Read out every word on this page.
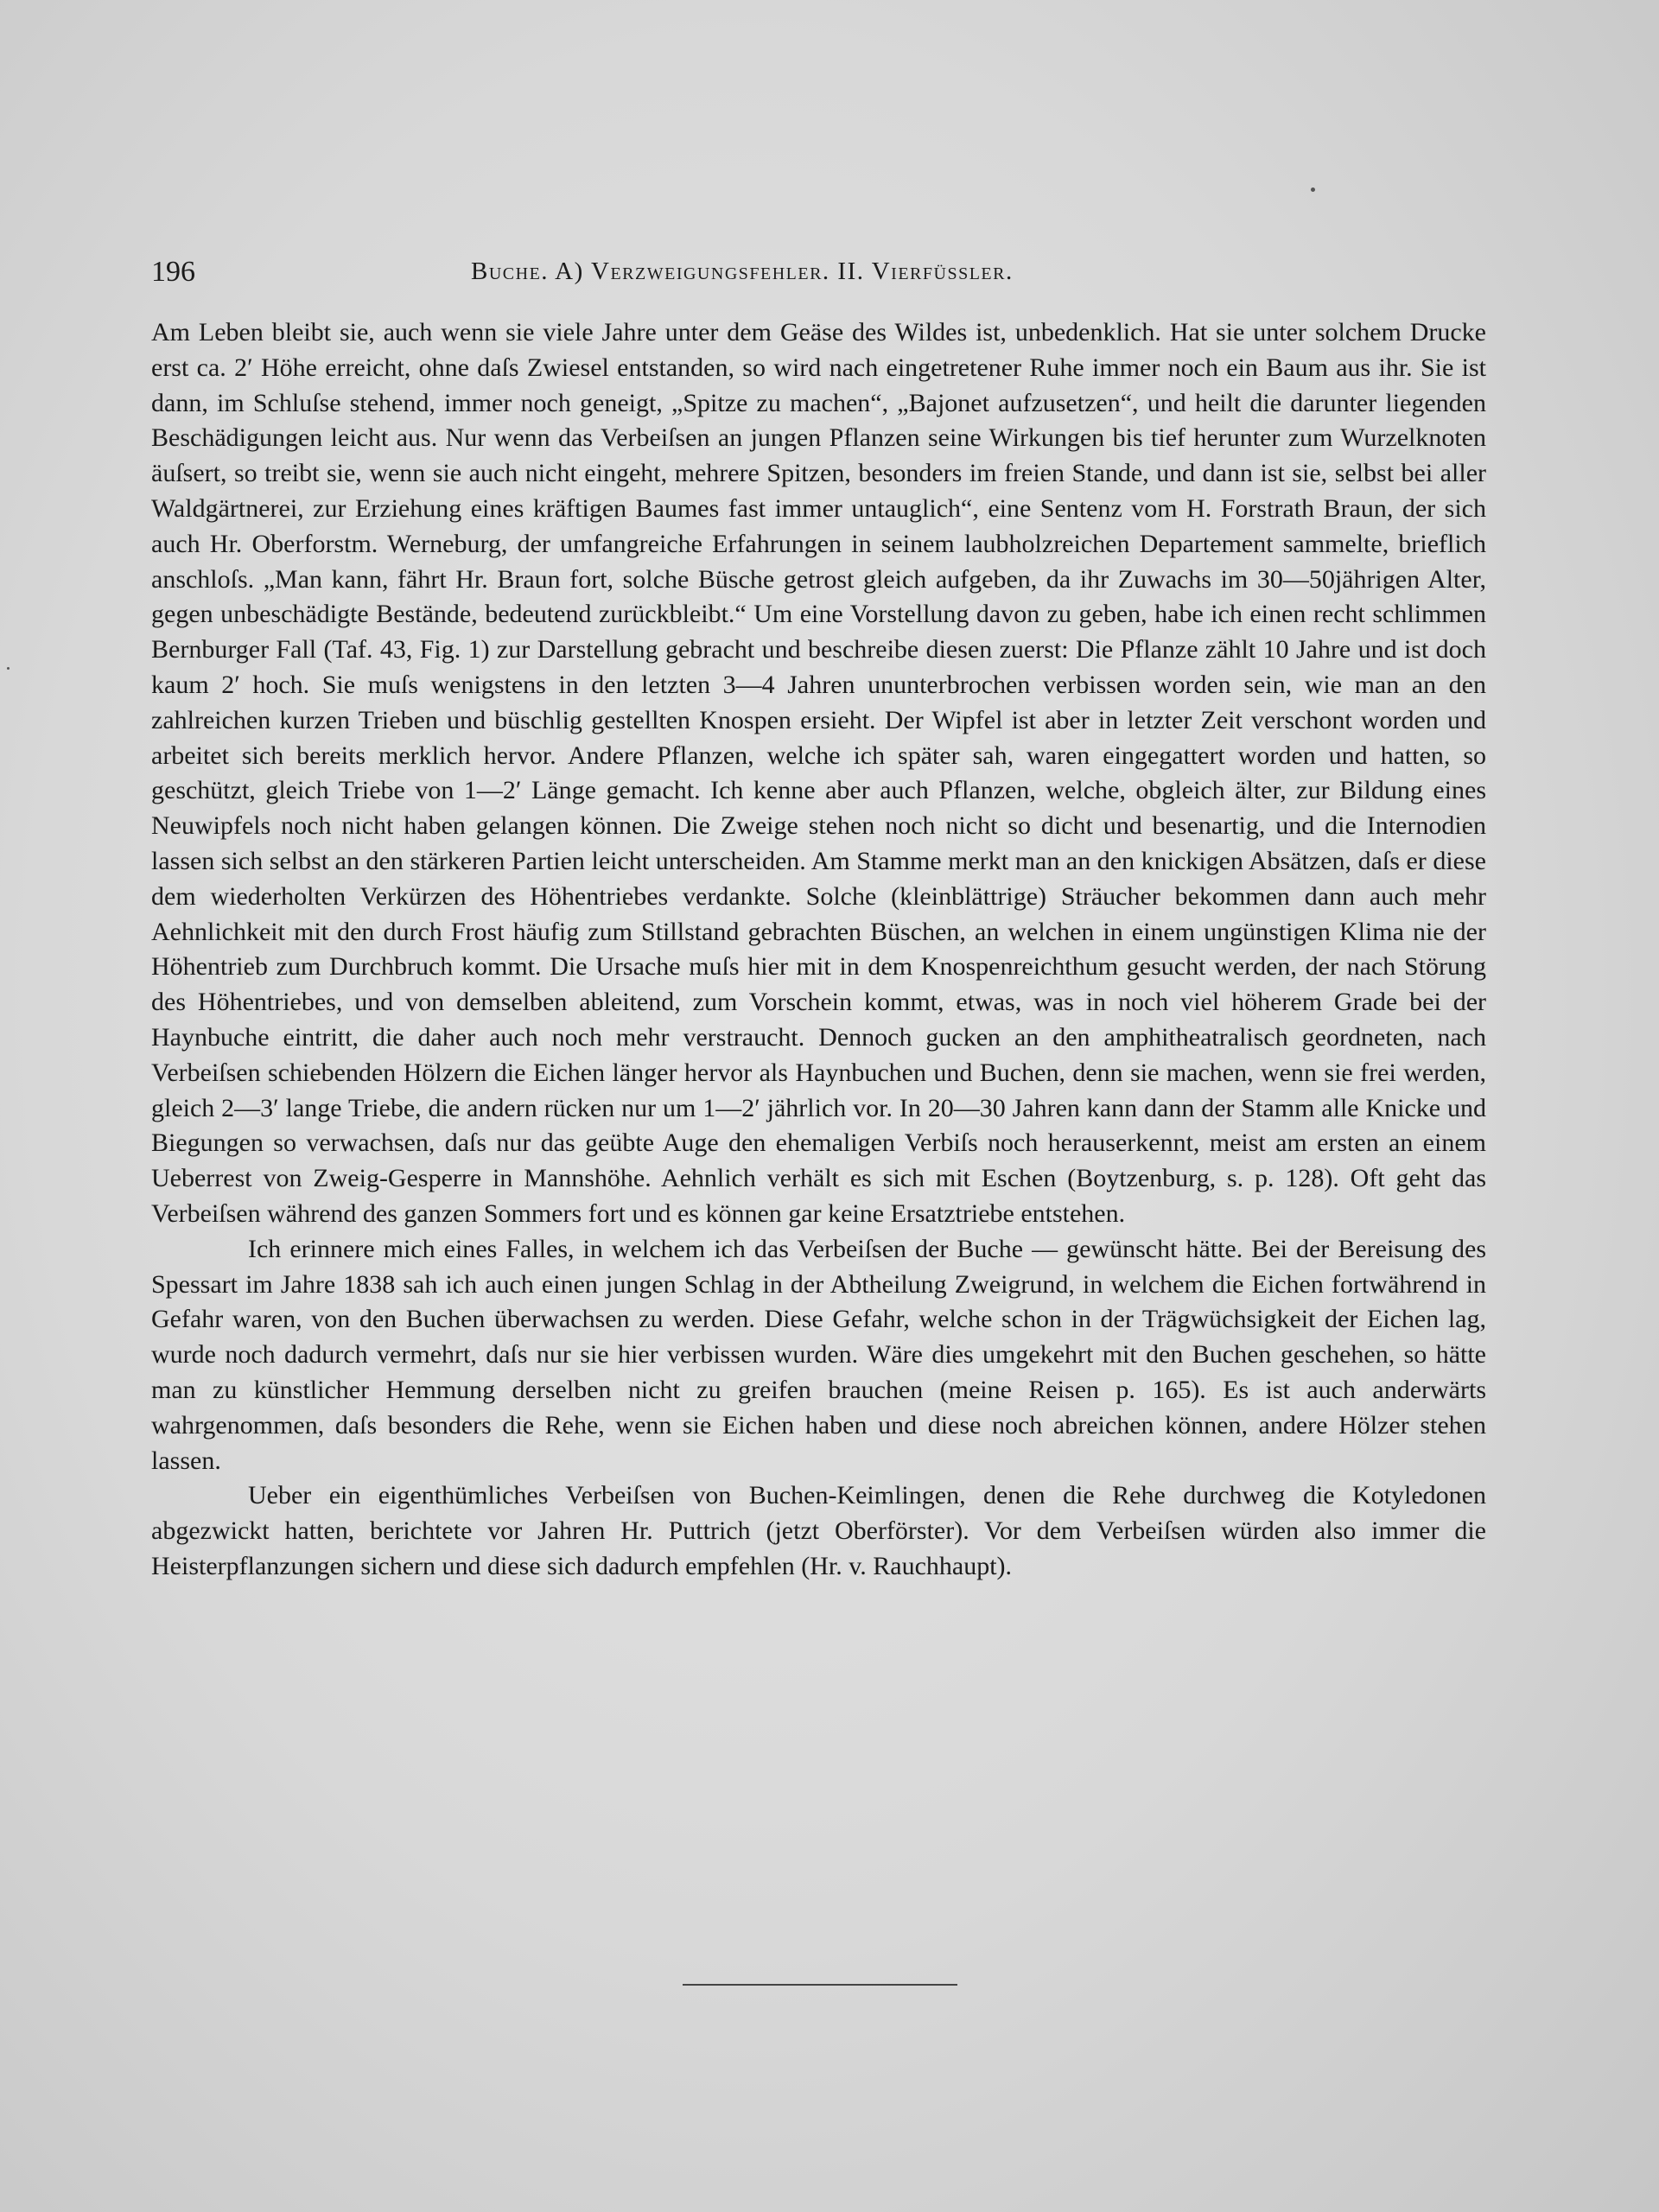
196	Buche. A) Verzweigungsfehler. II. Vierfüssler.

Am Leben bleibt sie, auch wenn sie viele Jahre unter dem Geäse des Wildes ist, unbedenklich. Hat sie unter solchem Drucke erst ca. 2′ Höhe erreicht, ohne daſs Zwiesel entstanden, so wird nach eingetretener Ruhe immer noch ein Baum aus ihr. Sie ist dann, im Schluſse stehend, immer noch geneigt, „Spitze zu machen“, „Bajonet aufzusetzen“, und heilt die darunter liegenden Beschädigungen leicht aus. Nur wenn das Verbeiſsen an jungen Pflanzen seine Wirkungen bis tief herunter zum Wurzelknoten äuſsert, so treibt sie, wenn sie auch nicht eingeht, mehrere Spitzen, besonders im freien Stande, und dann ist sie, selbst bei aller Waldgärtnerei, zur Erziehung eines kräftigen Baumes fast immer untauglich“, eine Sentenz vom H. Forstrath Braun, der sich auch Hr. Oberforstm. Werneburg, der umfangreiche Erfahrungen in seinem laubholzreichen Departement sammelte, brieflich anschloſs. „Man kann, fährt Hr. Braun fort, solche Büsche getrost gleich aufgeben, da ihr Zuwachs im 30—50jährigen Alter, gegen unbeschädigte Bestände, bedeutend zurückbleibt.“ Um eine Vorstellung davon zu geben, habe ich einen recht schlimmen Bernburger Fall (Taf. 43, Fig. 1) zur Darstellung gebracht und beschreibe diesen zuerst: Die Pflanze zählt 10 Jahre und ist doch kaum 2′ hoch. Sie muſs wenigstens in den letzten 3—4 Jahren ununterbrochen verbissen worden sein, wie man an den zahlreichen kurzen Trieben und büschlig gestellten Knospen ersieht. Der Wipfel ist aber in letzter Zeit verschont worden und arbeitet sich bereits merklich hervor. Andere Pflanzen, welche ich später sah, waren eingegattert worden und hatten, so geschützt, gleich Triebe von 1—2′ Länge gemacht. Ich kenne aber auch Pflanzen, welche, obgleich älter, zur Bildung eines Neuwipfels noch nicht haben gelangen können. Die Zweige stehen noch nicht so dicht und besenartig, und die Internodien lassen sich selbst an den stärkeren Partien leicht unterscheiden. Am Stamme merkt man an den knickigen Absätzen, daſs er diese dem wiederholten Verkürzen des Höhentriebes verdankte. Solche (kleinblättrige) Sträucher bekommen dann auch mehr Aehnlichkeit mit den durch Frost häufig zum Stillstand gebrachten Büschen, an welchen in einem ungünstigen Klima nie der Höhentrieb zum Durchbruch kommt. Die Ursache muſs hier mit in dem Knospenreichthum gesucht werden, der nach Störung des Höhentriebes, und von demselben ableitend, zum Vorschein kommt, etwas, was in noch viel höherem Grade bei der Haynbuche eintritt, die daher auch noch mehr verstraucht. Dennoch gucken an den amphitheatralisch geordneten, nach Verbeiſsen schiebenden Hölzern die Eichen länger hervor als Haynbuchen und Buchen, denn sie machen, wenn sie frei werden, gleich 2—3′ lange Triebe, die andern rücken nur um 1—2′ jährlich vor. In 20—30 Jahren kann dann der Stamm alle Knicke und Biegungen so verwachsen, daſs nur das geübte Auge den ehemaligen Verbiſs noch herauserkennt, meist am ersten an einem Ueberrest von Zweig-Gesperre in Mannshöhe. Aehnlich verhält es sich mit Eschen (Boytzenburg, s. p. 128). Oft geht das Verbeiſsen während des ganzen Sommers fort und es können gar keine Ersatztriebe entstehen.

Ich erinnere mich eines Falles, in welchem ich das Verbeiſsen der Buche — gewünscht hätte. Bei der Bereisung des Spessart im Jahre 1838 sah ich auch einen jungen Schlag in der Abtheilung Zweigrund, in welchem die Eichen fortwährend in Gefahr waren, von den Buchen überwachsen zu werden. Diese Gefahr, welche schon in der Trägwüchsigkeit der Eichen lag, wurde noch dadurch vermehrt, daſs nur sie hier verbissen wurden. Wäre dies umgekehrt mit den Buchen geschehen, so hätte man zu künstlicher Hemmung derselben nicht zu greifen brauchen (meine Reisen p. 165). Es ist auch anderwärts wahrgenommen, daſs besonders die Rehe, wenn sie Eichen haben und diese noch abreichen können, andere Hölzer stehen lassen.

Ueber ein eigenthümliches Verbeiſsen von Buchen-Keimlingen, denen die Rehe durchweg die Kotyledonen abgezwickt hatten, berichtete vor Jahren Hr. Puttrich (jetzt Oberförster). Vor dem Verbeiſsen würden also immer die Heisterpflanzungen sichern und diese sich dadurch empfehlen (Hr. v. Rauchhaupt).
